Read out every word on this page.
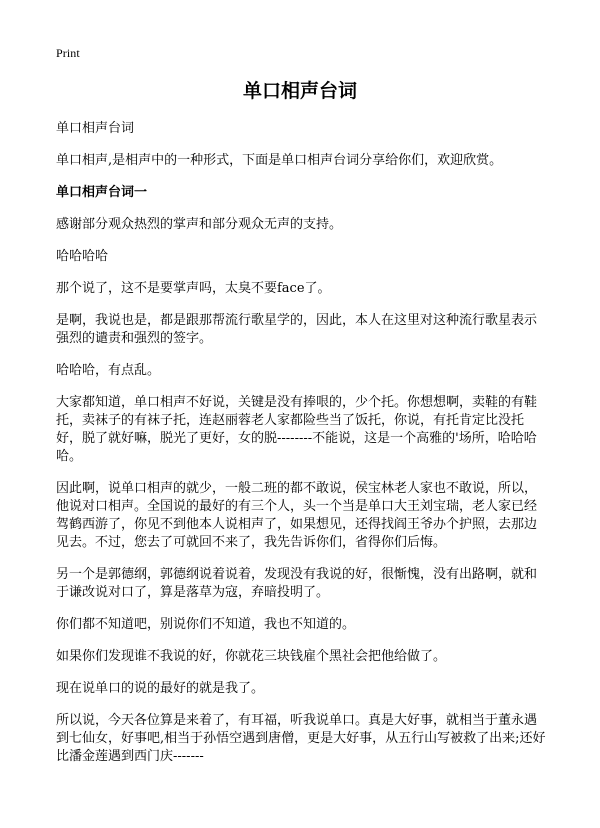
Print
单口相声台词

单口相声台词

单口相声,是相声中的一种形式，下面是单口相声台词分享给你们，欢迎欣赏。

单口相声台词一

感谢部分观众热烈的掌声和部分观众无声的支持。

哈哈哈哈

那个说了，这不是要掌声吗，太臭不要face了。

是啊，我说也是，都是跟那帮流行歌星学的，因此，本人在这里对这种流行歌星表示强烈的谴责和强烈的签字。

哈哈哈，有点乱。

大家都知道，单口相声不好说，关键是没有捧哏的，少个托。你想想啊，卖鞋的有鞋托，卖袜子的有袜子托，连赵丽蓉老人家都险些当了饭托，你说，有托肯定比没托好，脱了就好嘛，脱光了更好，女的脱--------不能说，这是一个高雅的'场所，哈哈哈哈。

因此啊，说单口相声的就少，一般二班的都不敢说，侯宝林老人家也不敢说，所以，他说对口相声。全国说的最好的有三个人，头一个当是单口大王刘宝瑞，老人家已经驾鹤西游了，你见不到他本人说相声了，如果想见，还得找阎王爷办个护照，去那边见去。不过，您去了可就回不来了，我先告诉你们，省得你们后悔。

另一个是郭德纲，郭德纲说着说着，发现没有我说的好，很惭愧，没有出路啊，就和于谦改说对口了，算是落草为寇，弃暗投明了。

你们都不知道吧，别说你们不知道，我也不知道的。

如果你们发现谁不我说的好，你就花三块钱雇个黑社会把他给做了。

现在说单口的说的最好的就是我了。

所以说，今天各位算是来着了，有耳福，听我说单口。真是大好事，就相当于董永遇到七仙女，好事吧,相当于孙悟空遇到唐僧，更是大好事，从五行山写被救了出来;还好比潘金莲遇到西门庆-------
